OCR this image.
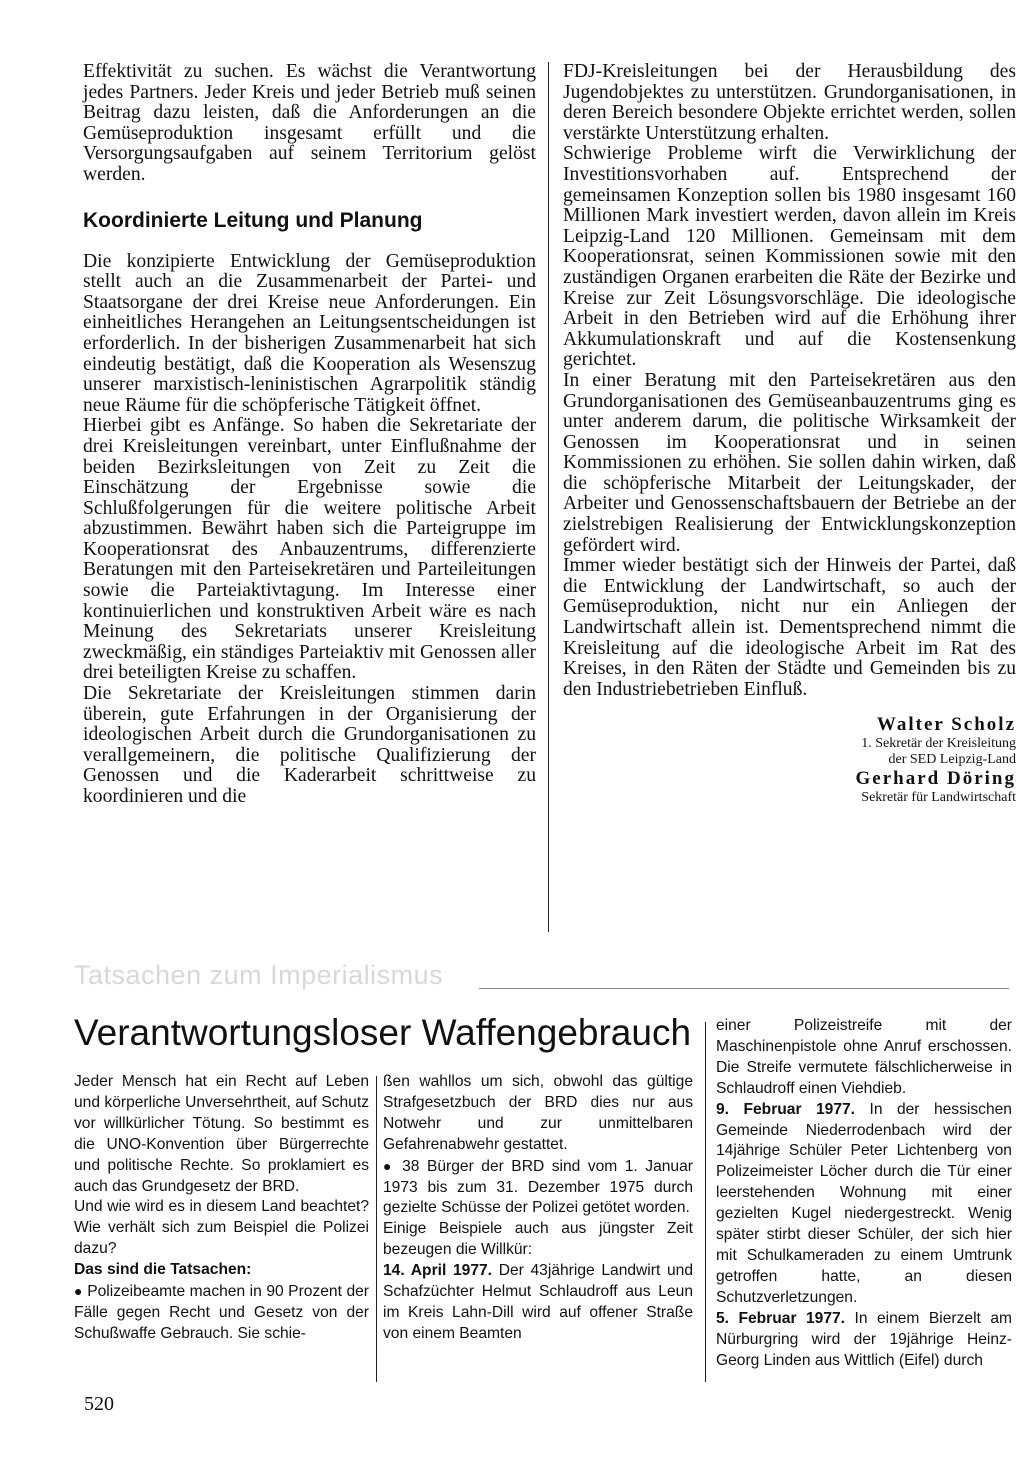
Effektivität zu suchen. Es wächst die Verantwortung jedes Partners. Jeder Kreis und jeder Betrieb muß seinen Beitrag dazu leisten, daß die Anforderungen an die Gemüseproduktion insgesamt erfüllt und die Versorgungsaufgaben auf seinem Territorium gelöst werden.

Koordinierte Leitung und Planung

Die konzipierte Entwicklung der Gemüseproduktion stellt auch an die Zusammenarbeit der Partei- und Staatsorgane der drei Kreise neue Anforderungen. Ein einheitliches Herangehen an Leitungsentscheidungen ist erforderlich. In der bisherigen Zusammenarbeit hat sich eindeutig bestätigt, daß die Kooperation als Wesenszug unserer marxistisch-leninistischen Agrarpolitik ständig neue Räume für die schöpferische Tätigkeit öffnet.

Hierbei gibt es Anfänge. So haben die Sekretariate der drei Kreisleitungen vereinbart, unter Einflußnahme der beiden Bezirksleitungen von Zeit zu Zeit die Einschätzung der Ergebnisse sowie die Schlußfolgerungen für die weitere politische Arbeit abzustimmen. Bewährt haben sich die Parteigruppe im Kooperationsrat des Anbauzentrums, differenzierte Beratungen mit den Parteisekretären und Parteileitungen sowie die Parteiaktivtagung. Im Interesse einer kontinuierlichen und konstruktiven Arbeit wäre es nach Meinung des Sekretariats unserer Kreisleitung zweckmäßig, ein ständiges Parteiaktiv mit Genossen aller drei beteiligten Kreise zu schaffen.

Die Sekretariate der Kreisleitungen stimmen darin überein, gute Erfahrungen in der Organisierung der ideologischen Arbeit durch die Grundorganisationen zu verallgemeinern, die politische Qualifizierung der Genossen und die Kaderarbeit schrittweise zu koordinieren und die

FDJ-Kreisleitungen bei der Herausbildung des Jugendobjektes zu unterstützen. Grundorganisationen, in deren Bereich besondere Objekte errichtet werden, sollen verstärkte Unterstützung erhalten.

Schwierige Probleme wirft die Verwirklichung der Investitionsvorhaben auf. Entsprechend der gemeinsamen Konzeption sollen bis 1980 insgesamt 160 Millionen Mark investiert werden, davon allein im Kreis Leipzig-Land 120 Millionen. Gemeinsam mit dem Kooperationsrat, seinen Kommissionen sowie mit den zuständigen Organen erarbeiten die Räte der Bezirke und Kreise zur Zeit Lösungsvorschläge. Die ideologische Arbeit in den Betrieben wird auf die Erhöhung ihrer Akkumulationskraft und auf die Kostensenkung gerichtet.

In einer Beratung mit den Parteisekretären aus den Grundorganisationen des Gemüseanbauzentrums ging es unter anderem darum, die politische Wirksamkeit der Genossen im Kooperationsrat und in seinen Kommissionen zu erhöhen. Sie sollen dahin wirken, daß die schöpferische Mitarbeit der Leitungskader, der Arbeiter und Genossenschaftsbauern der Betriebe an der zielstrebigen Realisierung der Entwicklungskonzeption gefördert wird.

Immer wieder bestätigt sich der Hinweis der Partei, daß die Entwicklung der Landwirtschaft, so auch der Gemüseproduktion, nicht nur ein Anliegen der Landwirtschaft allein ist. Dementsprechend nimmt die Kreisleitung auf die ideologische Arbeit im Rat des Kreises, in den Räten der Städte und Gemeinden bis zu den Industriebetrieben Einfluß.

Walter Scholz
1. Sekretär der Kreisleitung
der SED Leipzig-Land
Gerhard Döring
Sekretär für Landwirtschaft
Tatsachen zum Imperialismus
Verantwortungsloser Waffengebrauch

Jeder Mensch hat ein Recht auf Leben und körperliche Unversehrtheit, auf Schutz vor willkürlicher Tötung. So bestimmt es die UNO-Konvention über Bürgerrechte und politische Rechte. So proklamiert es auch das Grundgesetz der BRD.

Und wie wird es in diesem Land beachtet? Wie verhält sich zum Beispiel die Polizei dazu?

Das sind die Tatsachen:

● Polizeibeamte machen in 90 Prozent der Fälle gegen Recht und Gesetz von der Schußwaffe Gebrauch. Sie schie-

ßen wahllos um sich, obwohl das gültige Strafgesetzbuch der BRD dies nur aus Notwehr und zur unmittelbaren Gefahrenabwehr gestattet.

● 38 Bürger der BRD sind vom 1. Januar 1973 bis zum 31. Dezember 1975 durch gezielte Schüsse der Polizei getötet worden.

Einige Beispiele auch aus jüngster Zeit bezeugen die Willkür:

14. April 1977. Der 43jährige Landwirt und Schafzüchter Helmut Schlaudroff aus Leun im Kreis Lahn-Dill wird auf offener Straße von einem Beamten

einer Polizeistreife mit der Maschinenpistole ohne Anruf erschossen. Die Streife vermutete fälschlicherweise in Schlaudroff einen Viehdieb.

9. Februar 1977. In der hessischen Gemeinde Niederrodenbach wird der 14jährige Schüler Peter Lichtenberg von Polizeimeister Löcher durch die Tür einer leerstehenden Wohnung mit einer gezielten Kugel niedergestreckt. Wenig später stirbt dieser Schüler, der sich hier mit Schulkameraden zu einem Umtrunk getroffen hatte, an diesen Schutzverletzungen.

5. Februar 1977. In einem Bierzelt am Nürburgring wird der 19jährige Heinz-Georg Linden aus Wittlich (Eifel) durch

520
